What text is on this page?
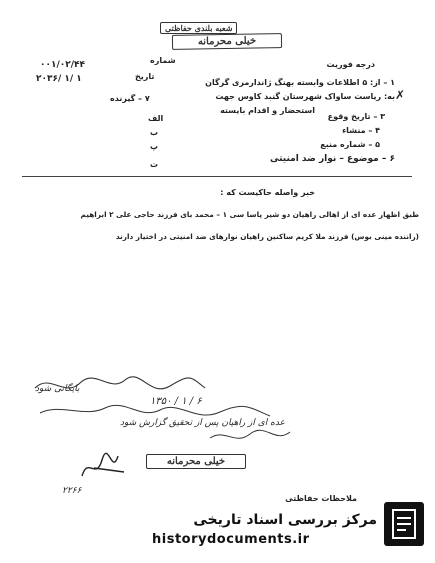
شعبه بلندی حفاظتی
خیلی محرمانه
شماره
۰۰۱/۰۲/۴۴
تاریخ
۲۰۳۶/ ۱/ ۱
درجه فوریت
۱ – از: ۵ اطلاعات وابسته بهنگ ژاندارمری گرگان
۷ – گیرنده	به: ریاست ساواک شهرستان گنبد کاوس جهت ✗
استحضار و اقدام بایسته
۳ – تاریخ وقوع
الف
۴ – منشاء
ب
۵ – شماره منبع
پ
۶ – موضوع – نوار ضد امنیتی
ت
خبر واصله حاکیست که :
طبق اظهار عده ای از اهالی راهیان دو شیر پاسا سی ۱ – محمد بای فرزند حاجی علی ۲ ابراهیم
(راننده مینی بوس) فرزند ملا کریم ساکنین راهیان نوارهای ضد امنیتی در اختیار دارند
۱۳۵۰ / ۱ / ۶
عده ای از راهیان پس از تحقیق گزارش شود
بایگانی شود
خیلی محرمانه
۲۲۶۶
ملاحظات حفاظتی
مرکز بررسی اسناد تاریخی
historydocuments.ir
